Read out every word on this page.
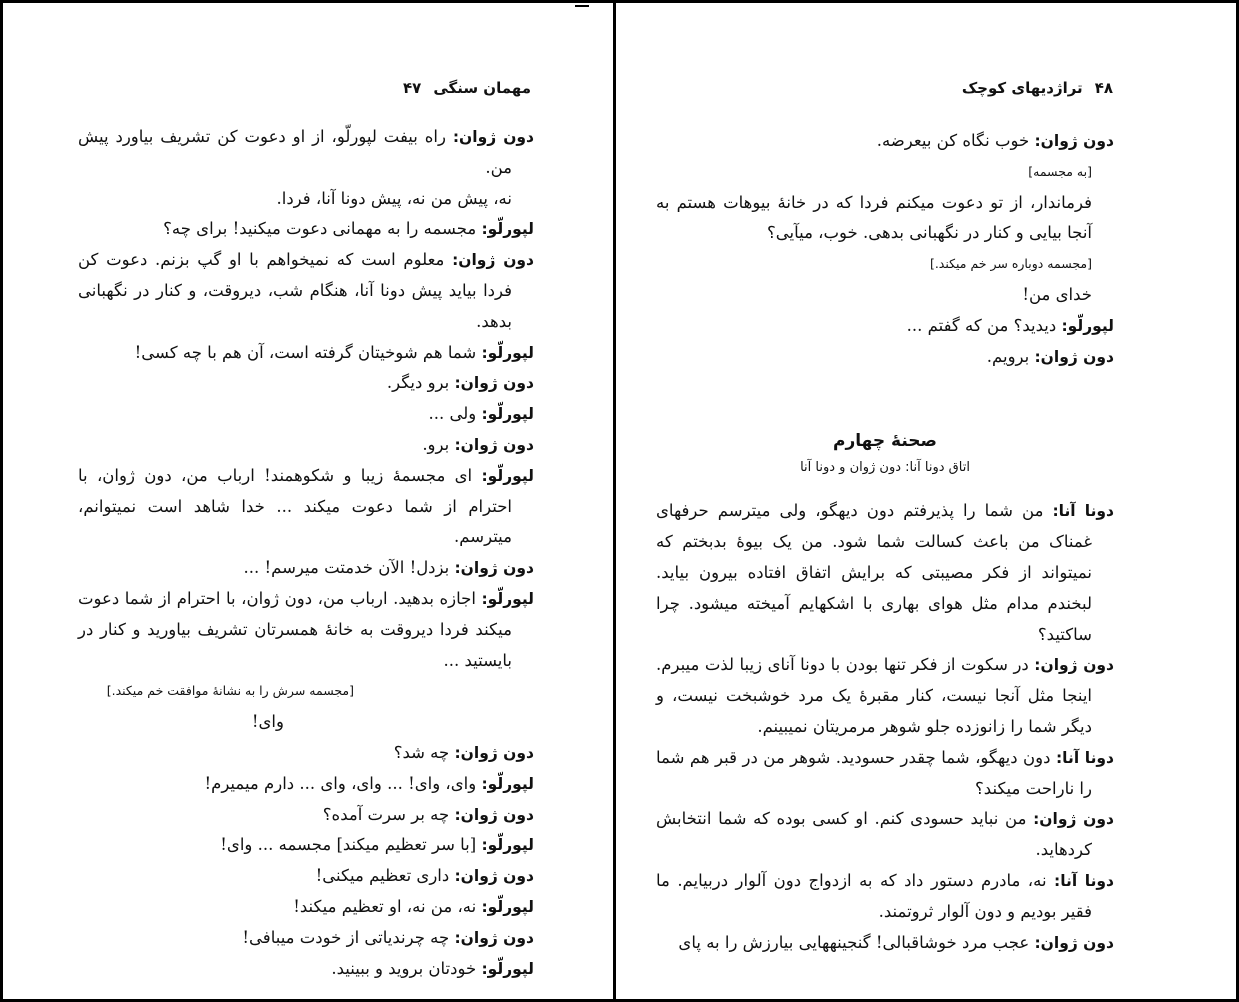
مهمان سنگی
۴۷

دون ژوان: راه بیفت لپورلّو، از او دعوت کن تشریف بیاورد پیش من.

نه، پیش من نه، پیش دونا آنا، فردا.

لپورلّو: مجسمه را به مهمانی دعوت میکنید! برای چه؟

دون ژوان: معلوم است که نمیخواهم با او گپ بزنم. دعوت کن فردا بیاید پیش دونا آنا، هنگام شب، دیروقت، و کنار در نگهبانی بدهد.

لپورلّو: شما هم شوخیتان گرفته است، آن هم با چه کسی!

دون ژوان: برو دیگر.

لپورلّو: ولی ...

دون ژوان: برو.

لپورلّو: ای مجسمهٔ زیبا و شکوهمند! ارباب من، دون ژوان، با احترام از شما دعوت میکند ... خدا شاهد است نمیتوانم، میترسم.

دون ژوان: بزدل! الآن خدمتت میرسم! ...

لپورلّو: اجازه بدهید. ارباب من، دون ژوان، با احترام از شما دعوت میکند فردا دیروقت به خانهٔ همسرتان تشریف بیاورید و کنار در بایستید ...

[مجسمه سرش را به نشانهٔ موافقت خم میکند.]

وای!

دون ژوان: چه شد؟

لپورلّو: وای، وای! ... وای، وای ... دارم میمیرم!

دون ژوان: چه بر سرت آمده؟

لپورلّو: [با سر تعظیم میکند] مجسمه ... وای!

دون ژوان: داری تعظیم میکنی!

لپورلّو: نه، من نه، او تعظیم میکند!

دون ژوان: چه چرندیاتی از خودت میبافی!

لپورلّو: خودتان بروید و ببینید.

۴۸
تراژدیهای کوچک

دون ژوان: خوب نگاه کن بیعرضه.

[به مجسمه]

فرماندار، از تو دعوت میکنم فردا که در خانهٔ بیوهات هستم به آنجا بیایی و کنار در نگهبانی بدهی. خوب، میآیی؟

[مجسمه دوباره سر خم میکند.]

خدای من!

لپورلّو: دیدید؟ من که گفتم ...

دون ژوان: برویم.

صحنهٔ چهارم

اتاق دونا آنا: دون ژوان و دونا آنا

دونا آنا: من شما را پذیرفتم دون دیهگو، ولی میترسم حرفهای غمناک من باعث کسالت شما شود. من یک بیوهٔ بدبختم که نمیتواند از فکر مصیبتی که برایش اتفاق افتاده بیرون بیاید. لبخندم مدام مثل هوای بهاری با اشکهایم آمیخته میشود. چرا ساکتید؟

دون ژوان: در سکوت از فکر تنها بودن با دونا آنای زیبا لذت میبرم. اینجا مثل آنجا نیست، کنار مقبرهٔ یک مرد خوشبخت نیست، و دیگر شما را زانوزده جلو شوهر مرمریتان نمیبینم.

دونا آنا: دون دیهگو، شما چقدر حسودید. شوهر من در قبر هم شما را ناراحت میکند؟

دون ژوان: من نباید حسودی کنم. او کسی بوده که شما انتخابش کردهاید.

دونا آنا: نه، مادرم دستور داد که به ازدواج دون آلوار دربیایم. ما فقیر بودیم و دون آلوار ثروتمند.

دون ژوان: عجب مرد خوشاقبالی! گنجینههایی بیارزش را به پای
